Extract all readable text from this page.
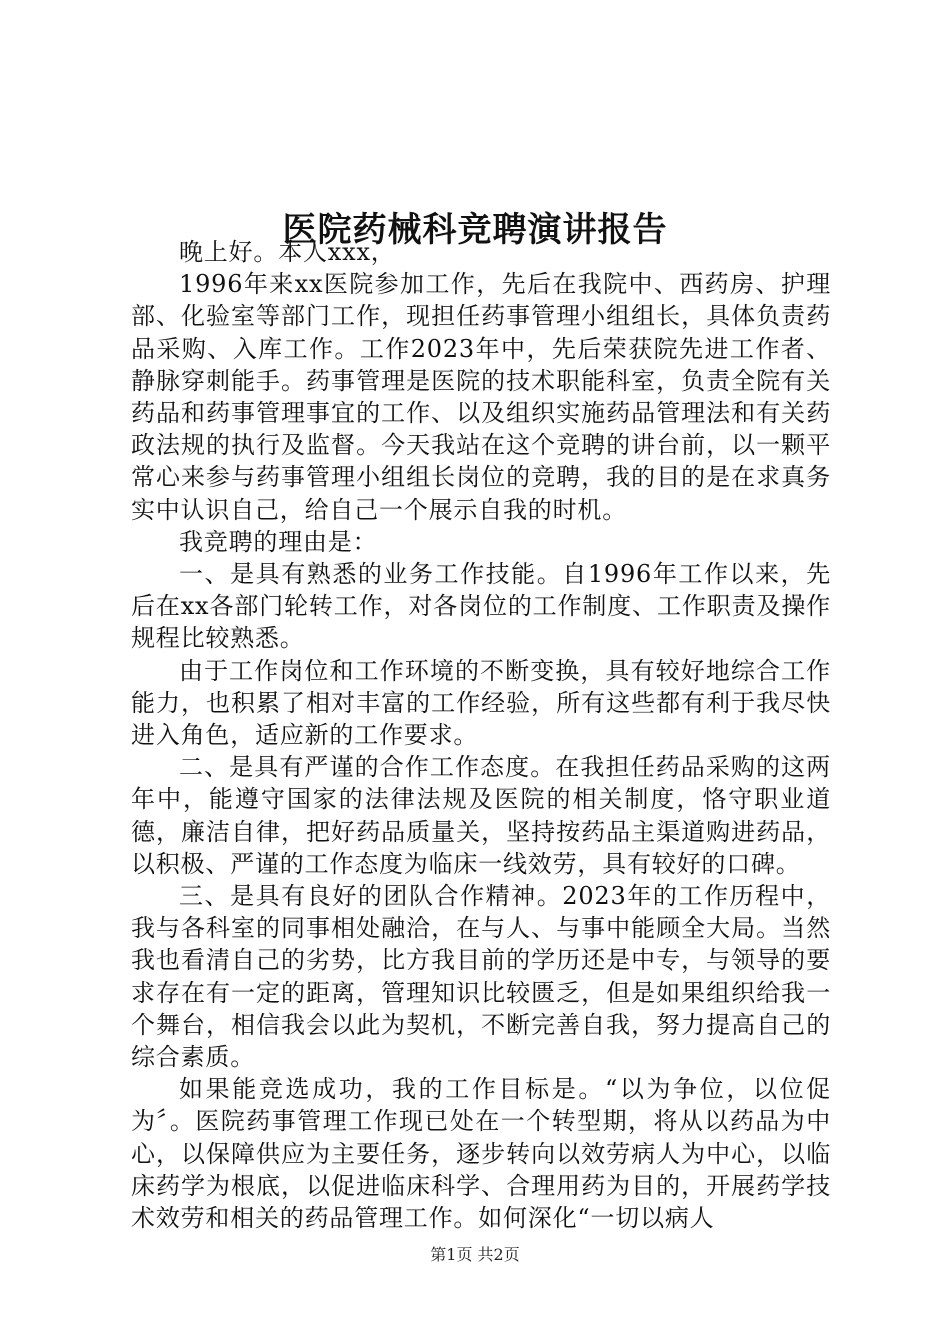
医院药械科竞聘演讲报告

晚上好。本人xxx，

1996年来xx医院参加工作，先后在我院中、西药房、护理部、化验室等部门工作，现担任药事管理小组组长，具体负责药品采购、入库工作。工作2023年中，先后荣获院先进工作者、静脉穿刺能手。药事管理是医院的技术职能科室，负责全院有关药品和药事管理事宜的工作、以及组织实施药品管理法和有关药政法规的执行及监督。今天我站在这个竞聘的讲台前，以一颗平常心来参与药事管理小组组长岗位的竞聘，我的目的是在求真务实中认识自己，给自己一个展示自我的时机。

我竞聘的理由是：

一、是具有熟悉的业务工作技能。自1996年工作以来，先后在xx各部门轮转工作，对各岗位的工作制度、工作职责及操作规程比较熟悉。

由于工作岗位和工作环境的不断变换，具有较好地综合工作能力，也积累了相对丰富的工作经验，所有这些都有利于我尽快进入角色，适应新的工作要求。

二、是具有严谨的合作工作态度。在我担任药品采购的这两年中，能遵守国家的法律法规及医院的相关制度，恪守职业道德，廉洁自律，把好药品质量关，坚持按药品主渠道购进药品，以积极、严谨的工作态度为临床一线效劳，具有较好的口碑。

三、是具有良好的团队合作精神。2023年的工作历程中，我与各科室的同事相处融洽，在与人、与事中能顾全大局。当然我也看清自己的劣势，比方我目前的学历还是中专，与领导的要求存在有一定的距离，管理知识比较匮乏，但是如果组织给我一个舞台，相信我会以此为契机，不断完善自我，努力提高自己的综合素质。

如果能竞选成功，我的工作目标是。“以为争位，以位促为〞。医院药事管理工作现已处在一个转型期，将从以药品为中心，以保障供应为主要任务，逐步转向以效劳病人为中心，以临床药学为根底，以促进临床科学、合理用药为目的，开展药学技术效劳和相关的药品管理工作。如何深化“一切以病人

第1页 共2页
